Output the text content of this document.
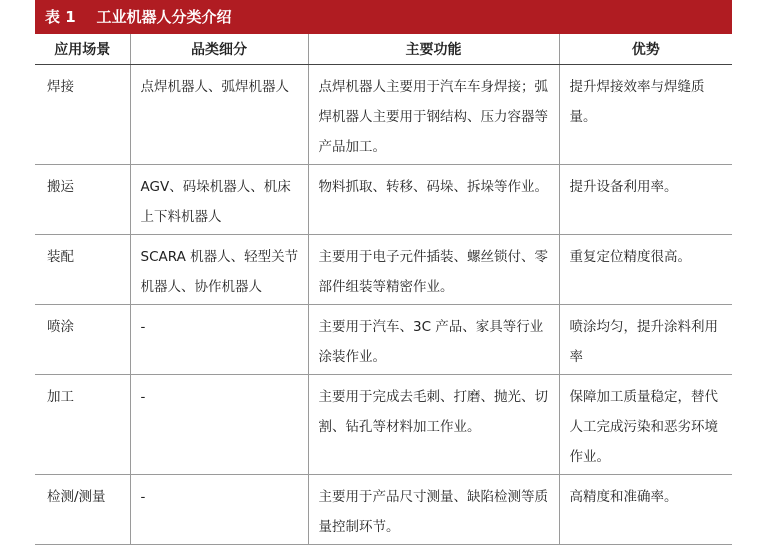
表 1    工业机器人分类介绍
应用场景	品类细分	主要功能	优势
焊接	点焊机器人、弧焊机器人	点焊机器人主要用于汽车车身焊接；弧焊机器人主要用于钢结构、压力容器等产品加工。	提升焊接效率与焊缝质量。
搬运	AGV、码垛机器人、机床上下料机器人	物料抓取、转移、码垛、拆垛等作业。	提升设备利用率。
装配	SCARA 机器人、轻型关节机器人、协作机器人	主要用于电子元件插装、螺丝锁付、零部件组装等精密作业。	重复定位精度很高。
喷涂	-	主要用于汽车、3C 产品、家具等行业涂装作业。	喷涂均匀，提升涂料利用率
加工	-	主要用于完成去毛刺、打磨、抛光、切割、钻孔等材料加工作业。	保障加工质量稳定，替代人工完成污染和恶劣环境作业。
检测/测量	-	主要用于产品尺寸测量、缺陷检测等质量控制环节。	高精度和准确率。
